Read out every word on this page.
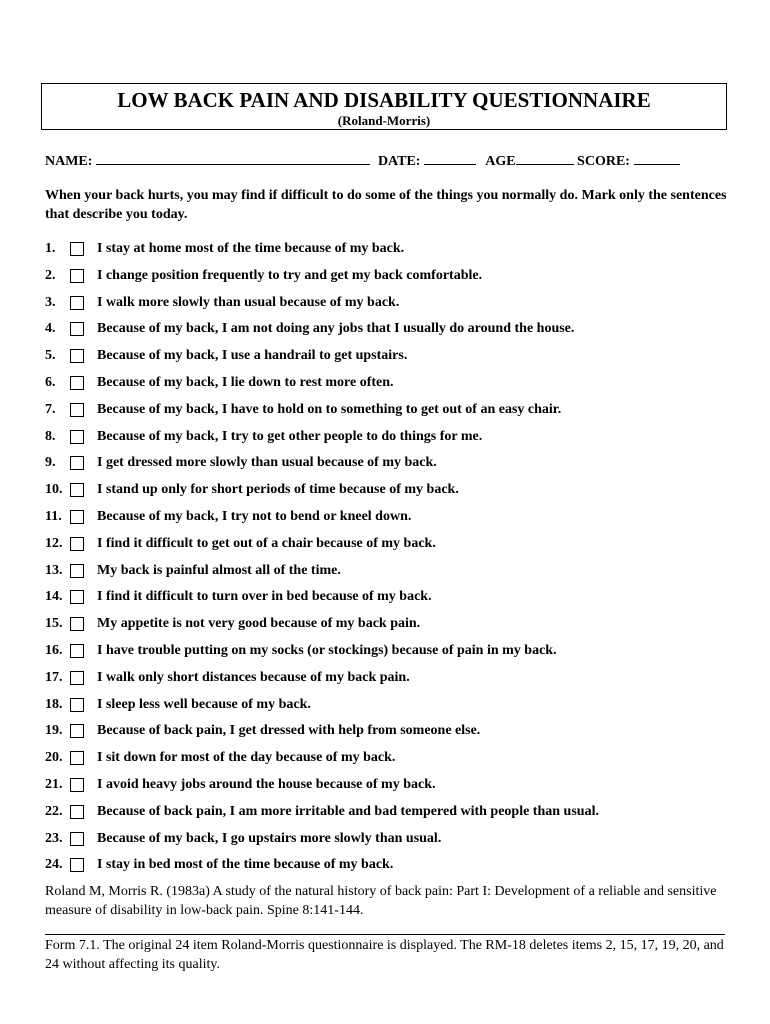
LOW BACK PAIN AND DISABILITY QUESTIONNAIRE
(Roland-Morris)
NAME:	DATE:	AGE	SCORE:
When your back hurts, you may find if difficult to do some of the things you normally do. Mark only the sentences that describe you today.
1.	I stay at home most of the time because of my back.
2.	I change position frequently to try and get my back comfortable.
3.	I walk more slowly than usual because of my back.
4.	Because of my back, I am not doing any jobs that I usually do around the house.
5.	Because of my back, I use a handrail to get upstairs.
6.	Because of my back, I lie down to rest more often.
7.	Because of my back, I have to hold on to something to get out of an easy chair.
8.	Because of my back, I try to get other people to do things for me.
9.	I get dressed more slowly than usual because of my back.
10.	I stand up only for short periods of time because of my back.
11.	Because of my back, I try not to bend or kneel down.
12.	I find it difficult to get out of a chair because of my back.
13.	My back is painful almost all of the time.
14.	I find it difficult to turn over in bed because of my back.
15.	My appetite is not very good because of my back pain.
16.	I have trouble putting on my socks (or stockings) because of pain in my back.
17.	I walk only short distances because of my back pain.
18.	I sleep less well because of my back.
19.	Because of back pain, I get dressed with help from someone else.
20.	I sit down for most of the day because of my back.
21.	I avoid heavy jobs around the house because of my back.
22.	Because of back pain, I am more irritable and bad tempered with people than usual.
23.	Because of my back, I go upstairs more slowly than usual.
24.	I stay in bed most of the time because of my back.
Roland M, Morris R. (1983a) A study of the natural history of back pain: Part I: Development of a reliable and sensitive measure of disability in low-back pain. Spine 8:141-144.
Form 7.1. The original 24 item Roland-Morris questionnaire is displayed. The RM-18 deletes items 2, 15, 17, 19, 20, and 24 without affecting its quality.
